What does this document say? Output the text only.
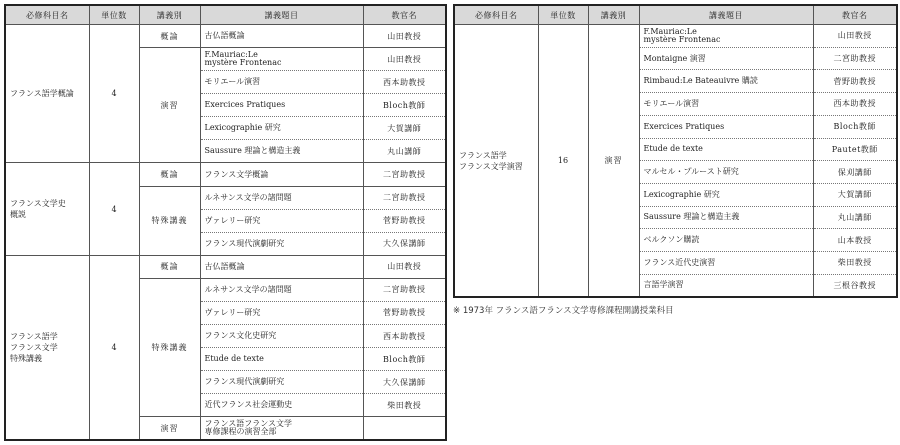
必修科目名	単位数	講義別	講義題目	教官名

フランス語学概論	4	概論	古仏語概論	山田教授
		演習	F.Mauriac:Le
mystère Frontenac	山田教授

			モリエール演習	西本助教授

			Exercices Pratiques	Bloch教師

			Lexicographie 研究	大賀講師

			Saussure 理論と構造主義	丸山講師

フランス文学史
概説	4	概論	フランス文学概論	二宮助教授
		特殊講義	ルネサンス文学の諸問題	二宮助教授

			ヴァレリー研究	菅野助教授

			フランス現代演劇研究	大久保講師

フランス語学
フランス文学
特殊講義	4	概論	古仏語概論	山田教授
		特殊講義	ルネサンス文学の諸問題	二宮助教授

			ヴァレリー研究	菅野助教授

			フランス文化史研究	西本助教授

			Etude de texte	Bloch教師

			フランス現代演劇研究	大久保講師

			近代フランス社会運動史	柴田教授
		演習	フランス語フランス文学
専修課程の演習全部	

必修科目名	単位数	講義別	講義題目	教官名

フランス語学
フランス文学演習	16	演習	F.Mauriac:Le
mystère Frontenac	山田教授

			Montaigne 演習	二宮助教授

			Rimbaud:Le Bateauivre 購読	菅野助教授

			モリエール演習	西本助教授

			Exercices Pratiques	Bloch教師

			Etude de texte	Pautet教師

			マルセル・プルースト研究	保刈講師

			Lexicographie 研究	大賀講師

			Saussure 理論と構造主義	丸山講師

			ベルクソン購読	山本教授

			フランス近代史演習	柴田教授

			言語学演習	三根谷教授
※ 1973年 フランス語フランス文学専修課程開講授業科目
